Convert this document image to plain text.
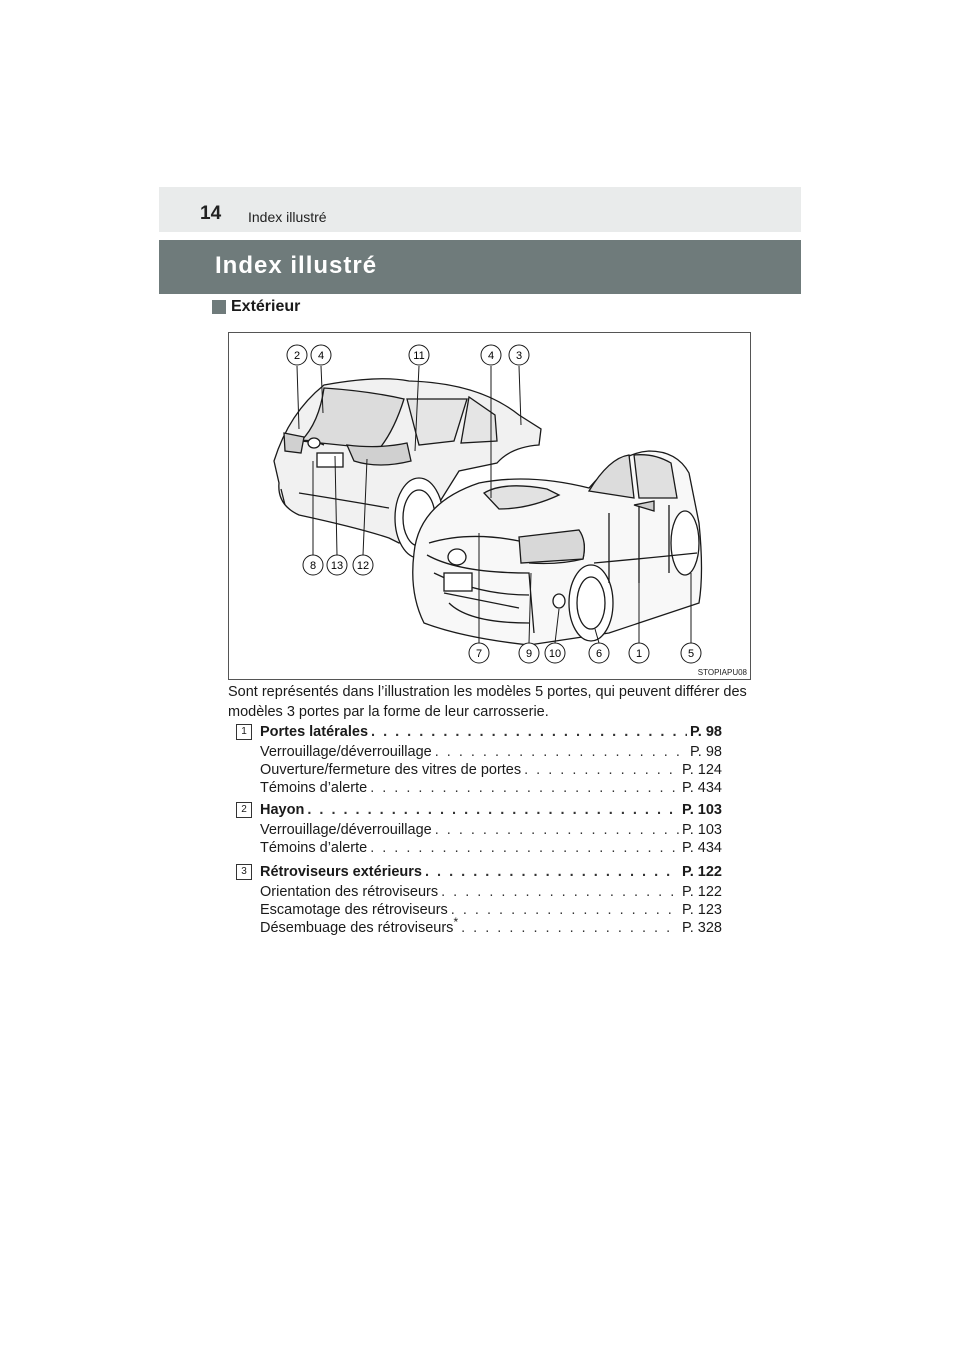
14 Index illustré
Index illustré
Extérieur
2 4	11	4 3
8 13 12
7	9 10	6	1	5
STOPIAPU08
Sont représentés dans l’illustration les modèles 5 portes, qui peuvent différer des modèles 3 portes par la forme de leur carrosserie.
1 Portes latérales . . .	P. 98
Verrouillage/déverrouillage . . .	P. 98
Ouverture/fermeture des vitres de portes . . .	P. 124
Témoins d’alerte . . .	P. 434
2 Hayon . . .	P. 103
Verrouillage/déverrouillage . . .	P. 103
Témoins d’alerte . . .	P. 434
3 Rétroviseurs extérieurs . . .	P. 122
Orientation des rétroviseurs . . .	P. 122
Escamotage des rétroviseurs . . .	P. 123
Désembuage des rétroviseurs* . . .	P. 328
